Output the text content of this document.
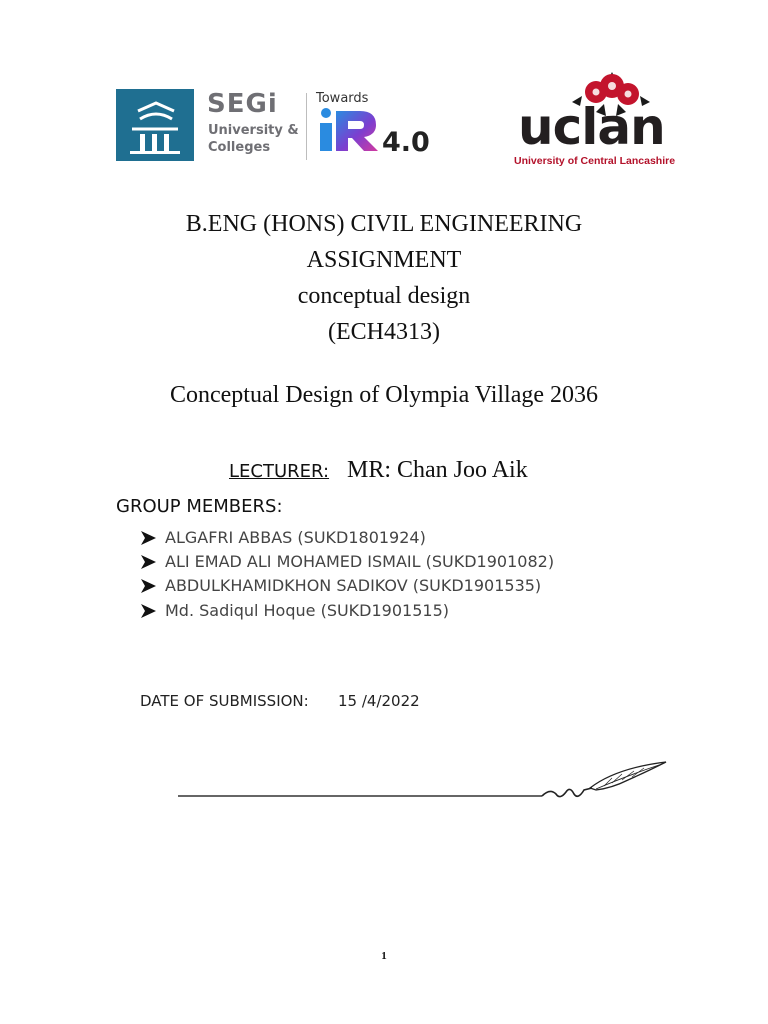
SEGi
University &
Colleges
Towards
4.0 uclan
University of Central Lancashire
B.ENG (HONS) CIVIL ENGINEERING
ASSIGNMENT
conceptual design
(ECH4313)
Conceptual Design of Olympia Village 2036
LECTURER: MR: Chan Joo Aik
GROUP MEMBERS:
ALGAFRI ABBAS (SUKD1801924)
ALI EMAD ALI MOHAMED ISMAIL (SUKD1901082)
ABDULKHAMIDKHON SADIKOV (SUKD1901535)
Md. Sadiqul Hoque (SUKD1901515)
DATE OF SUBMISSION: 15 /4/2022
1
